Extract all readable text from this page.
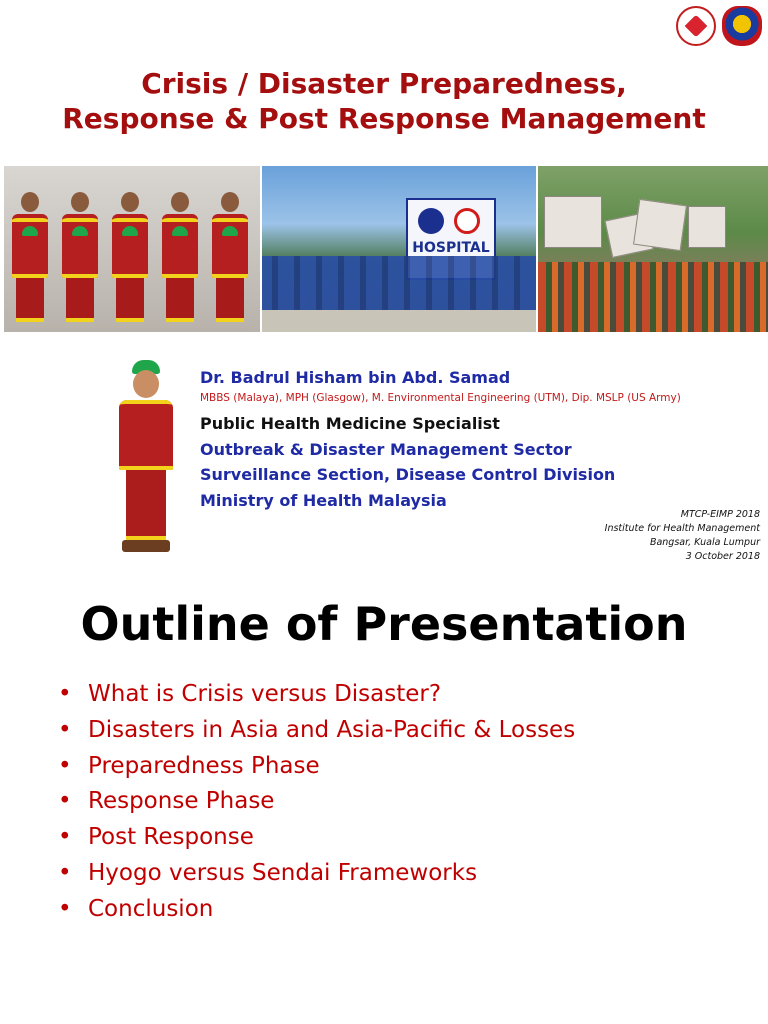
Crisis / Disaster Preparedness,
Response & Post Response Management
HOSPITAL
Dr. Badrul Hisham bin Abd. Samad
MBBS (Malaya), MPH (Glasgow), M. Environmental Engineering (UTM), Dip. MSLP (US Army)
Public Health Medicine Specialist
Outbreak & Disaster Management Sector
Surveillance Section, Disease Control Division
Ministry of Health Malaysia
MTCP-EIMP 2018
Institute for Health Management
Bangsar, Kuala Lumpur
3 October 2018
Outline of Presentation
• What is Crisis versus Disaster?
• Disasters in Asia and Asia-Pacific & Losses
• Preparedness Phase
• Response Phase
• Post Response
• Hyogo versus Sendai Frameworks
• Conclusion
